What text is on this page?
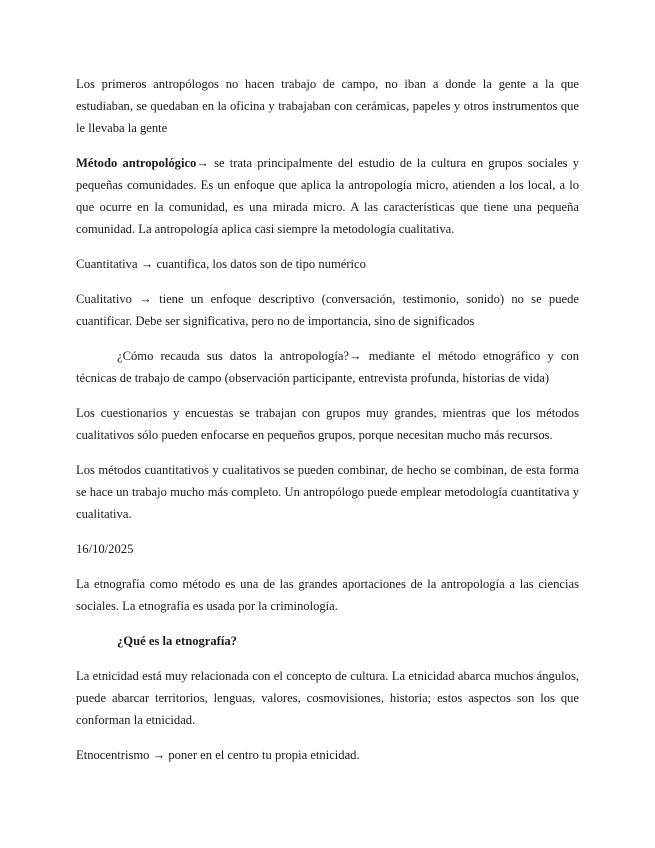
Los primeros antropólogos no hacen trabajo de campo, no iban a donde la gente a la que estudiaban, se quedaban en la oficina y trabajaban con cerámicas, papeles y otros instrumentos que le llevaba la gente

Método antropológico→ se trata principalmente del estudio de la cultura en grupos sociales y pequeñas comunidades. Es un enfoque que aplica la antropología micro, atienden a los local, a lo que ocurre en la comunidad, es una mirada micro. A las características que tiene una pequeña comunidad. La antropología aplica casi siempre la metodología cualitativa.

Cuantitativa → cuantifica, los datos son de tipo numérico

Cualitativo → tiene un enfoque descriptivo (conversación, testimonio, sonido) no se puede cuantificar. Debe ser significativa, pero no de importancia, sino de significados

¿Cómo recauda sus datos la antropología?→ mediante el método etnográfico y con técnicas de trabajo de campo (observación participante, entrevista profunda, historias de vida)

Los cuestionarios y encuestas se trabajan con grupos muy grandes, mientras que los métodos cualitativos sólo pueden enfocarse en pequeños grupos, porque necesitan mucho más recursos.

Los métodos cuantitativos y cualitativos se pueden combinar, de hecho se combinan, de esta forma se hace un trabajo mucho más completo. Un antropólogo puede emplear metodología cuantitativa y cualitativa.

16/10/2025

La etnografía como método es una de las grandes aportaciones de la antropología a las ciencias sociales. La etnografía es usada por la criminología.

¿Qué es la etnografía?

La etnicidad está muy relacionada con el concepto de cultura. La etnicidad abarca muchos ángulos, puede abarcar territorios, lenguas, valores, cosmovisiones, historia; estos aspectos son los que conforman la etnicidad.

Etnocentrismo → poner en el centro tu propia etnicidad.
